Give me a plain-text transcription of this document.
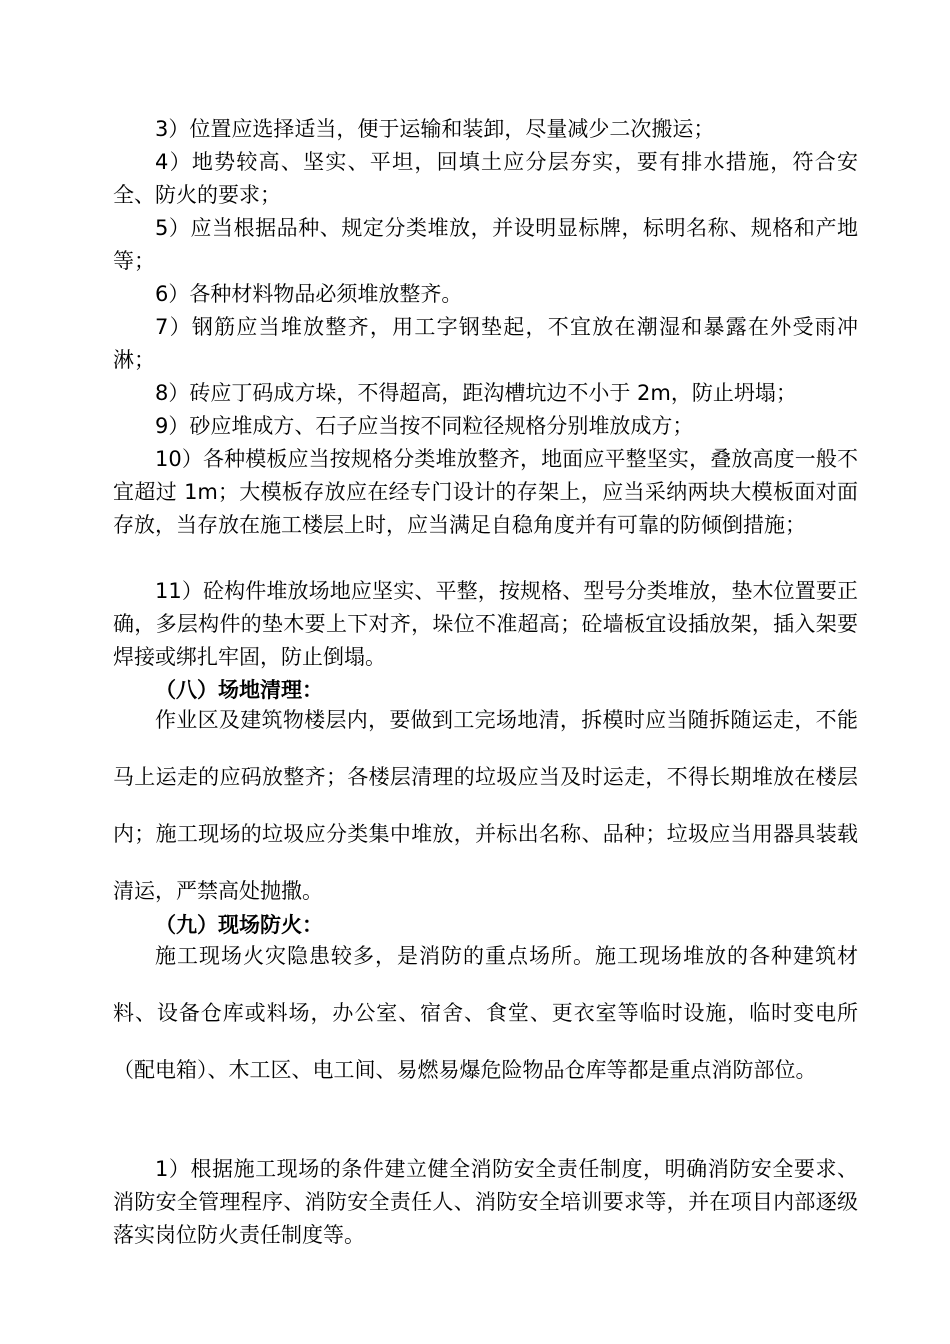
3）位置应选择适当，便于运输和装卸，尽量减少二次搬运；

4）地势较高、坚实、平坦，回填土应分层夯实，要有排水措施，符合安全、防火的要求；

5）应当根据品种、规定分类堆放，并设明显标牌，标明名称、规格和产地等；

6）各种材料物品必须堆放整齐。

7）钢筋应当堆放整齐，用工字钢垫起，不宜放在潮湿和暴露在外受雨冲淋；

8）砖应丁码成方垛，不得超高，距沟槽坑边不小于 2m，防止坍塌；

9）砂应堆成方、石子应当按不同粒径规格分别堆放成方；

10）各种模板应当按规格分类堆放整齐，地面应平整坚实，叠放高度一般不宜超过 1m；大模板存放应在经专门设计的存架上，应当采纳两块大模板面对面存放，当存放在施工楼层上时，应当满足自稳角度并有可靠的防倾倒措施；

11）砼构件堆放场地应坚实、平整，按规格、型号分类堆放，垫木位置要正确，多层构件的垫木要上下对齐，垛位不准超高；砼墙板宜设插放架，插入架要焊接或绑扎牢固，防止倒塌。

（八）场地清理：

作业区及建筑物楼层内，要做到工完场地清，拆模时应当随拆随运走，不能马上运走的应码放整齐；各楼层清理的垃圾应当及时运走，不得长期堆放在楼层内；施工现场的垃圾应分类集中堆放，并标出名称、品种；垃圾应当用器具装载清运，严禁高处抛撒。

（九）现场防火：

施工现场火灾隐患较多，是消防的重点场所。施工现场堆放的各种建筑材料、设备仓库或料场，办公室、宿舍、食堂、更衣室等临时设施，临时变电所（配电箱）、木工区、电工间、易燃易爆危险物品仓库等都是重点消防部位。

1）根据施工现场的条件建立健全消防安全责任制度，明确消防安全要求、消防安全管理程序、消防安全责任人、消防安全培训要求等，并在项目内部逐级落实岗位防火责任制度等。
